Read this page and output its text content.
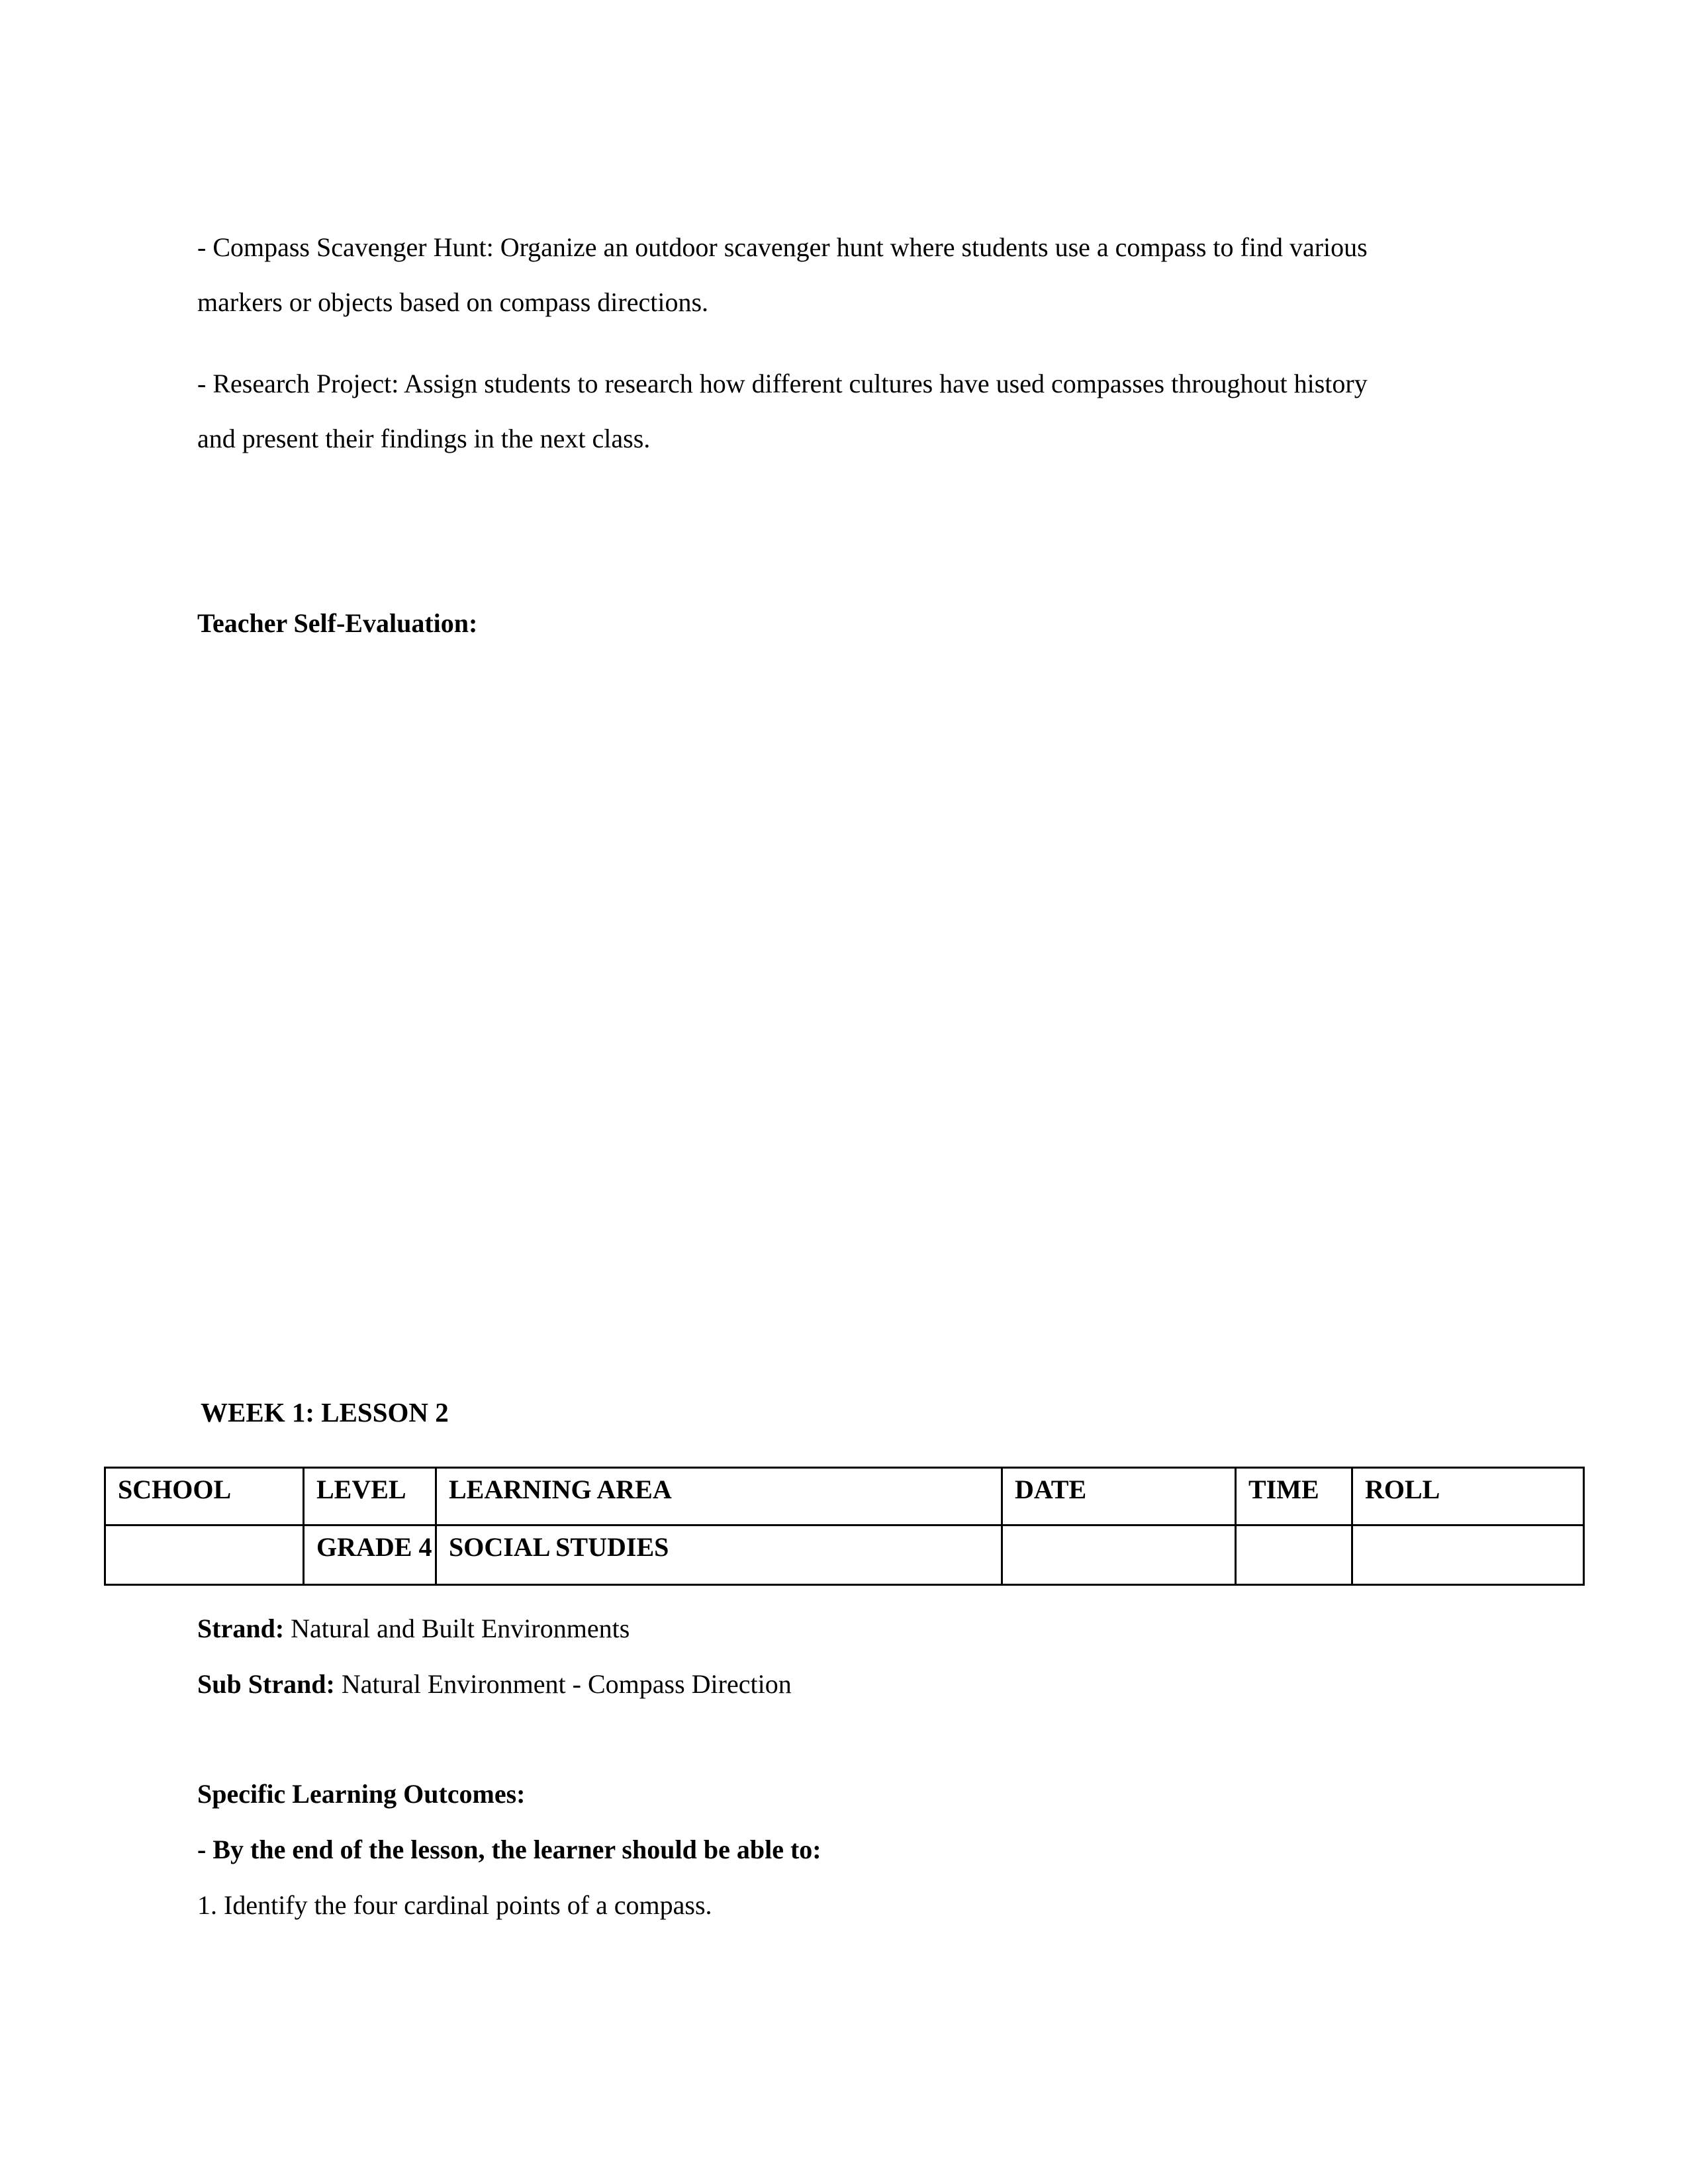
- Compass Scavenger Hunt: Organize an outdoor scavenger hunt where students use a compass to find various markers or objects based on compass directions.

- Research Project: Assign students to research how different cultures have used compasses throughout history and present their findings in the next class.

Teacher Self-Evaluation:
WEEK 1: LESSON 2
SCHOOL	LEVEL	LEARNING AREA	DATE	TIME	ROLL
	GRADE 4	SOCIAL STUDIES			
Strand: Natural and Built Environments
Sub Strand: Natural Environment - Compass Direction
Specific Learning Outcomes:
- By the end of the lesson, the learner should be able to:
1. Identify the four cardinal points of a compass.
